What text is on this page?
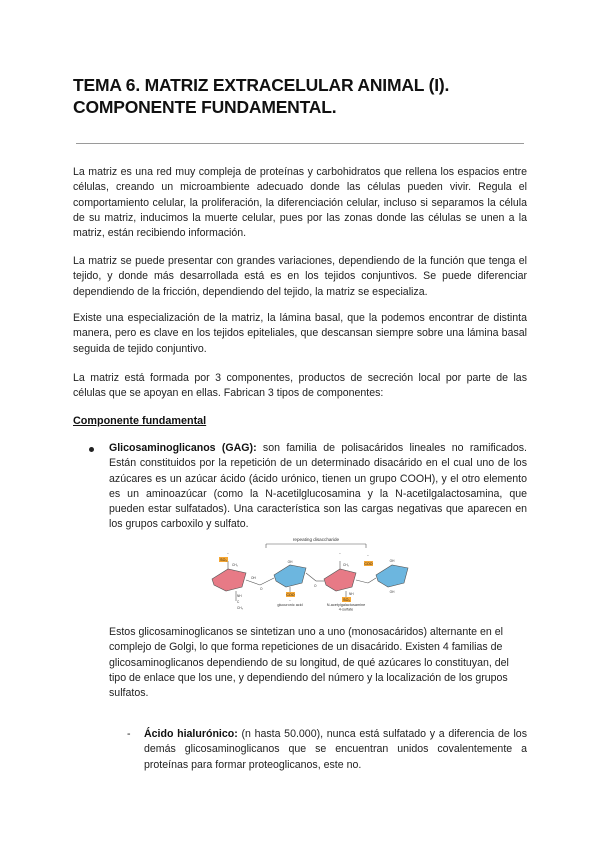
TEMA 6. MATRIZ EXTRACELULAR ANIMAL (I).
COMPONENTE FUNDAMENTAL.

La matriz es una red muy compleja de proteínas y carbohidratos que rellena los espacios entre células, creando un microambiente adecuado donde las células pueden vivir. Regula el comportamiento celular, la proliferación, la diferenciación celular, incluso si separamos la célula de su matriz, inducimos la muerte celular, pues por las zonas donde las células se unen a la matriz, están recibiendo información.

La matriz se puede presentar con grandes variaciones, dependiendo de la función que tenga el tejido, y donde más desarrollada está es en los tejidos conjuntivos. Se puede diferenciar dependiendo de la fricción, dependiendo del tejido, la matriz se especializa.

Existe una especialización de la matriz, la lámina basal, que la podemos encontrar de distinta manera, pero es clave en los tejidos epiteliales, que descansan siempre sobre una lámina basal seguida de tejido conjuntivo.

La matriz está formada por 3 componentes, productos de secreción local por parte de las células que se apoyan en ellas. Fabrican 3 tipos de componentes:

Componente fundamental

Glicosaminoglicanos (GAG): son familia de polisacáridos lineales no ramificados. Están constituidos por la repetición de un determinado disacárido en el cual uno de los azúcares es un azúcar ácido (ácido urónico, tienen un grupo COOH), y el otro elemento es un aminoazúcar (como la N-acetilglucosamina y la N-acetilgalactosamina, que pueden estar sulfatados). Una característica son las cargas negativas que aparecen en los grupos carboxilo y sulfato.

repeating disaccharide
SO₃
COO
SO₃
COO
−
CH₂
OH
NH
C
CH₃
O
OH
−
O
−
CH₂
NH
−
OH
OH
glucuronic acid	N-acetylgalactosamine
4-sulfate

Estos glicosaminoglicanos se sintetizan uno a uno (monosacáridos) alternante en el complejo de Golgi, lo que forma repeticiones de un disacárido. Existen 4 familias de glicosaminoglicanos dependiendo de su longitud, de qué azúcares lo constituyan, del tipo de enlace que los une, y dependiendo del número y la localización de los grupos sulfatos.

- Ácido hialurónico: (n hasta 50.000), nunca está sulfatado y a diferencia de los demás glicosaminoglicanos que se encuentran unidos covalentemente a proteínas para formar proteoglicanos, este no.
